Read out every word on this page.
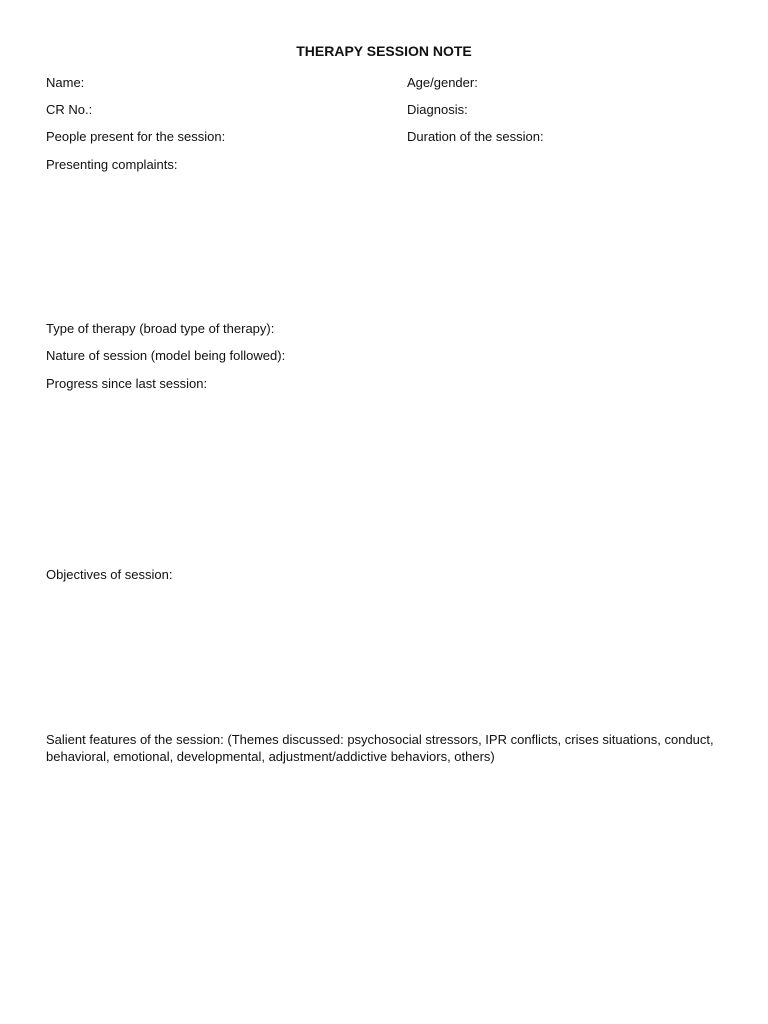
THERAPY SESSION NOTE
Name:	Age/gender:
CR No.:	Diagnosis:
People present for the session:	Duration of the session:
Presenting complaints:
Type of therapy (broad type of therapy):
Nature of session (model being followed):
Progress since last session:
Objectives of session:
Salient features of the session: (Themes discussed: psychosocial stressors, IPR conflicts, crises situations, conduct, behavioral, emotional, developmental, adjustment/addictive behaviors, others)
